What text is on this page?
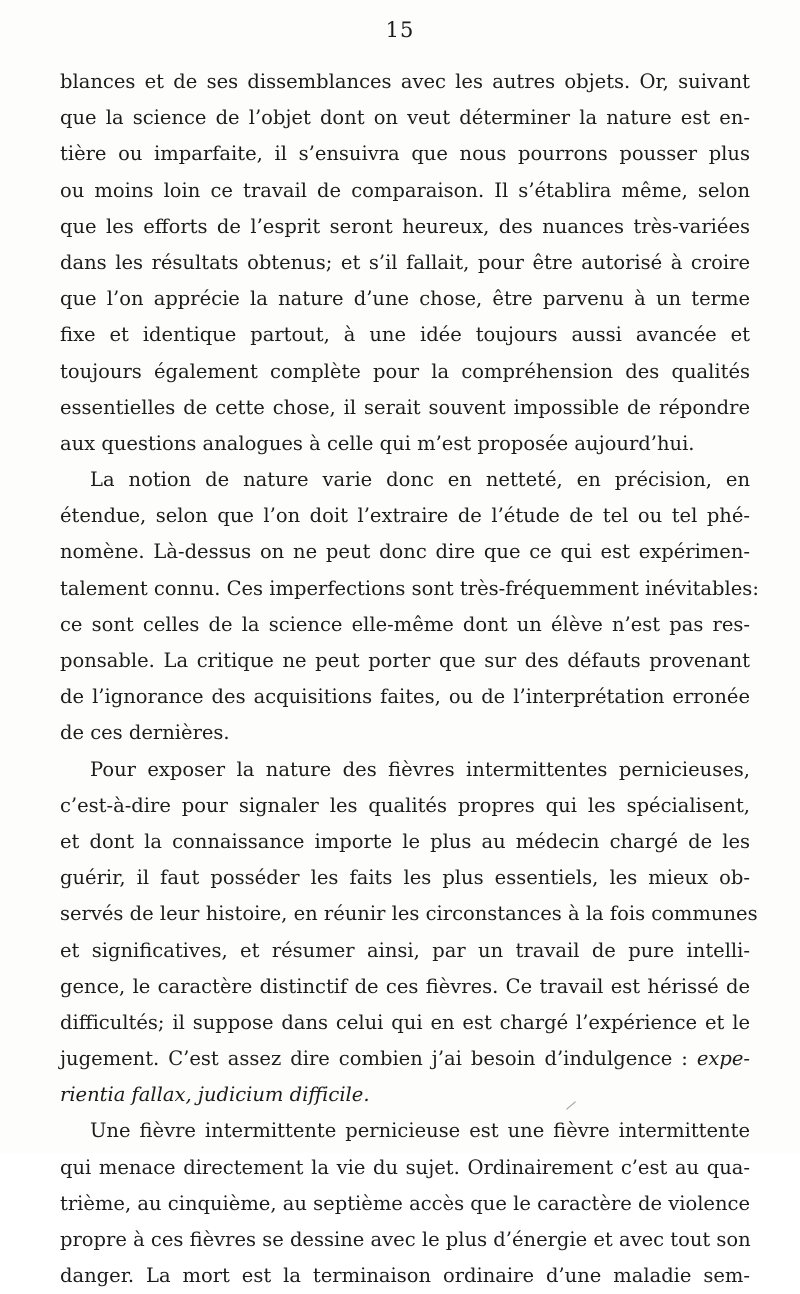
15
blances et de ses dissemblances avec les autres objets. Or, suivant
que la science de l’objet dont on veut déterminer la nature est en-
tière ou imparfaite, il s’ensuivra que nous pourrons pousser plus
ou moins loin ce travail de comparaison. Il s’établira même, selon
que les efforts de l’esprit seront heureux, des nuances très-variées
dans les résultats obtenus; et s’il fallait, pour être autorisé à croire
que l’on apprécie la nature d’une chose, être parvenu à un terme
fixe et identique partout, à une idée toujours aussi avancée et
toujours également complète pour la compréhension des qualités
essentielles de cette chose, il serait souvent impossible de répondre
aux questions analogues à celle qui m’est proposée aujourd’hui.
La notion de nature varie donc en netteté, en précision, en
étendue, selon que l’on doit l’extraire de l’étude de tel ou tel phé-
nomène. Là-dessus on ne peut donc dire que ce qui est expérimen-
talement connu. Ces imperfections sont très-fréquemment inévitables:
ce sont celles de la science elle-même dont un élève n’est pas res-
ponsable. La critique ne peut porter que sur des défauts provenant
de l’ignorance des acquisitions faites, ou de l’interprétation erronée
de ces dernières.
Pour exposer la nature des fièvres intermittentes pernicieuses,
c’est-à-dire pour signaler les qualités propres qui les spécialisent,
et dont la connaissance importe le plus au médecin chargé de les
guérir, il faut posséder les faits les plus essentiels, les mieux ob-
servés de leur histoire, en réunir les circonstances à la fois communes
et significatives, et résumer ainsi, par un travail de pure intelli-
gence, le caractère distinctif de ces fièvres. Ce travail est hérissé de
difficultés; il suppose dans celui qui en est chargé l’expérience et le
jugement. C’est assez dire combien j’ai besoin d’indulgence : expe-
rientia fallax, judicium difficile.
Une fièvre intermittente pernicieuse est une fièvre intermittente
qui menace directement la vie du sujet. Ordinairement c’est au qua-
trième, au cinquième, au septième accès que le caractère de violence
propre à ces fièvres se dessine avec le plus d’énergie et avec tout son
danger. La mort est la terminaison ordinaire d’une maladie sem-
